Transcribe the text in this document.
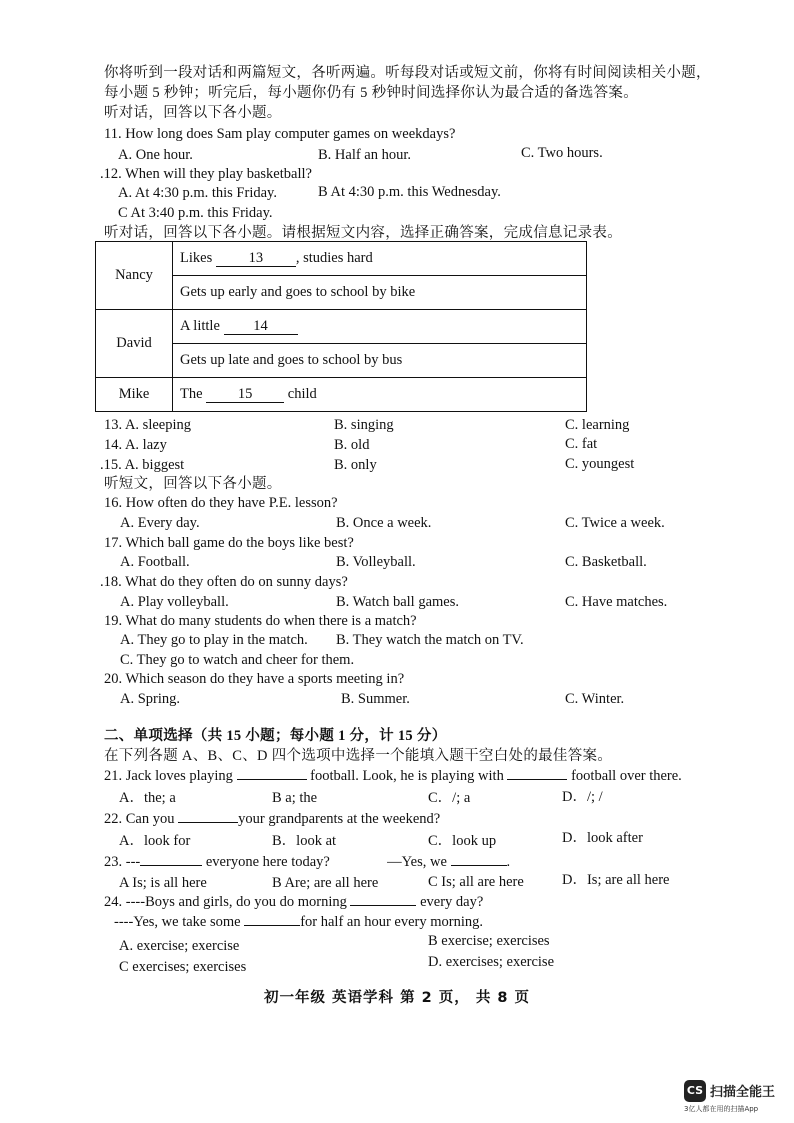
你将听到一段对话和两篇短文，各听两遍。听每段对话或短文前，你将有时间阅读相关小题，
每小题 5 秒钟；听完后，每小题你仍有 5 秒钟时间选择你认为最合适的备选答案。
听对话，回答以下各小题。
11. How long does Sam play computer games on weekdays?
A. One hour.	B. Half an hour.	C. Two hours.
.12. When will they play basketball?
A. At 4:30 p.m. this Friday.	B At 4:30 p.m. this Wednesday.
C At 3:40 p.m. this Friday.
听对话，回答以下各小题。请根据短文内容，选择正确答案，完成信息记录表。
Nancy	Likes 13 , studies hard
	Gets up early and goes to school by bike
David	A little 14
	Gets up late and goes to school by bus
Mike	The 15 child
13. A. sleeping	B. singing	C. learning
14. A. lazy	B. old	C. fat
.15. A. biggest	B. only	C. youngest
听短文，回答以下各小题。
16. How often do they have P.E. lesson?
A. Every day.	B. Once a week.	C. Twice a week.
17. Which ball game do the boys like best?
A. Football.	B. Volleyball.	C. Basketball.
.18. What do they often do on sunny days?
A. Play volleyball.	B. Watch ball games.	C. Have matches.
19. What do many students do when there is a match?
A. They go to play in the match. B. They watch the match on TV.
C. They go to watch and cheer for them.
20. Which season do they have a sports meeting in?
A. Spring.	B. Summer.	C. Winter.
二、单项选择（共 15 小题；每小题 1 分，计 15 分）
在下列各题 A、B、C、D 四个选项中选择一个能填入题干空白处的最佳答案。
21. Jack loves playing	football. Look, he is playing with	football over there.
A．the; a	B a; the	C．/; a	D．/; /
22. Can you	your grandparents at the weekend?
A．look for	B．look at	C．look up	D．look after
23. ---	everyone here today?	—Yes, we	.
A Is; is all here	B Are; are all here	C Is; all are here	D．Is; are all here
24. ----Boys and girls, do you do morning	every day?
----Yes, we take some	for half an hour every morning.
A. exercise; exercise	B exercise; exercises
C exercises; exercises	D. exercises; exercise
初一年级 英语学科 第 2 页， 共 8 页
CS 扫描全能王
3亿人都在用的扫描App
